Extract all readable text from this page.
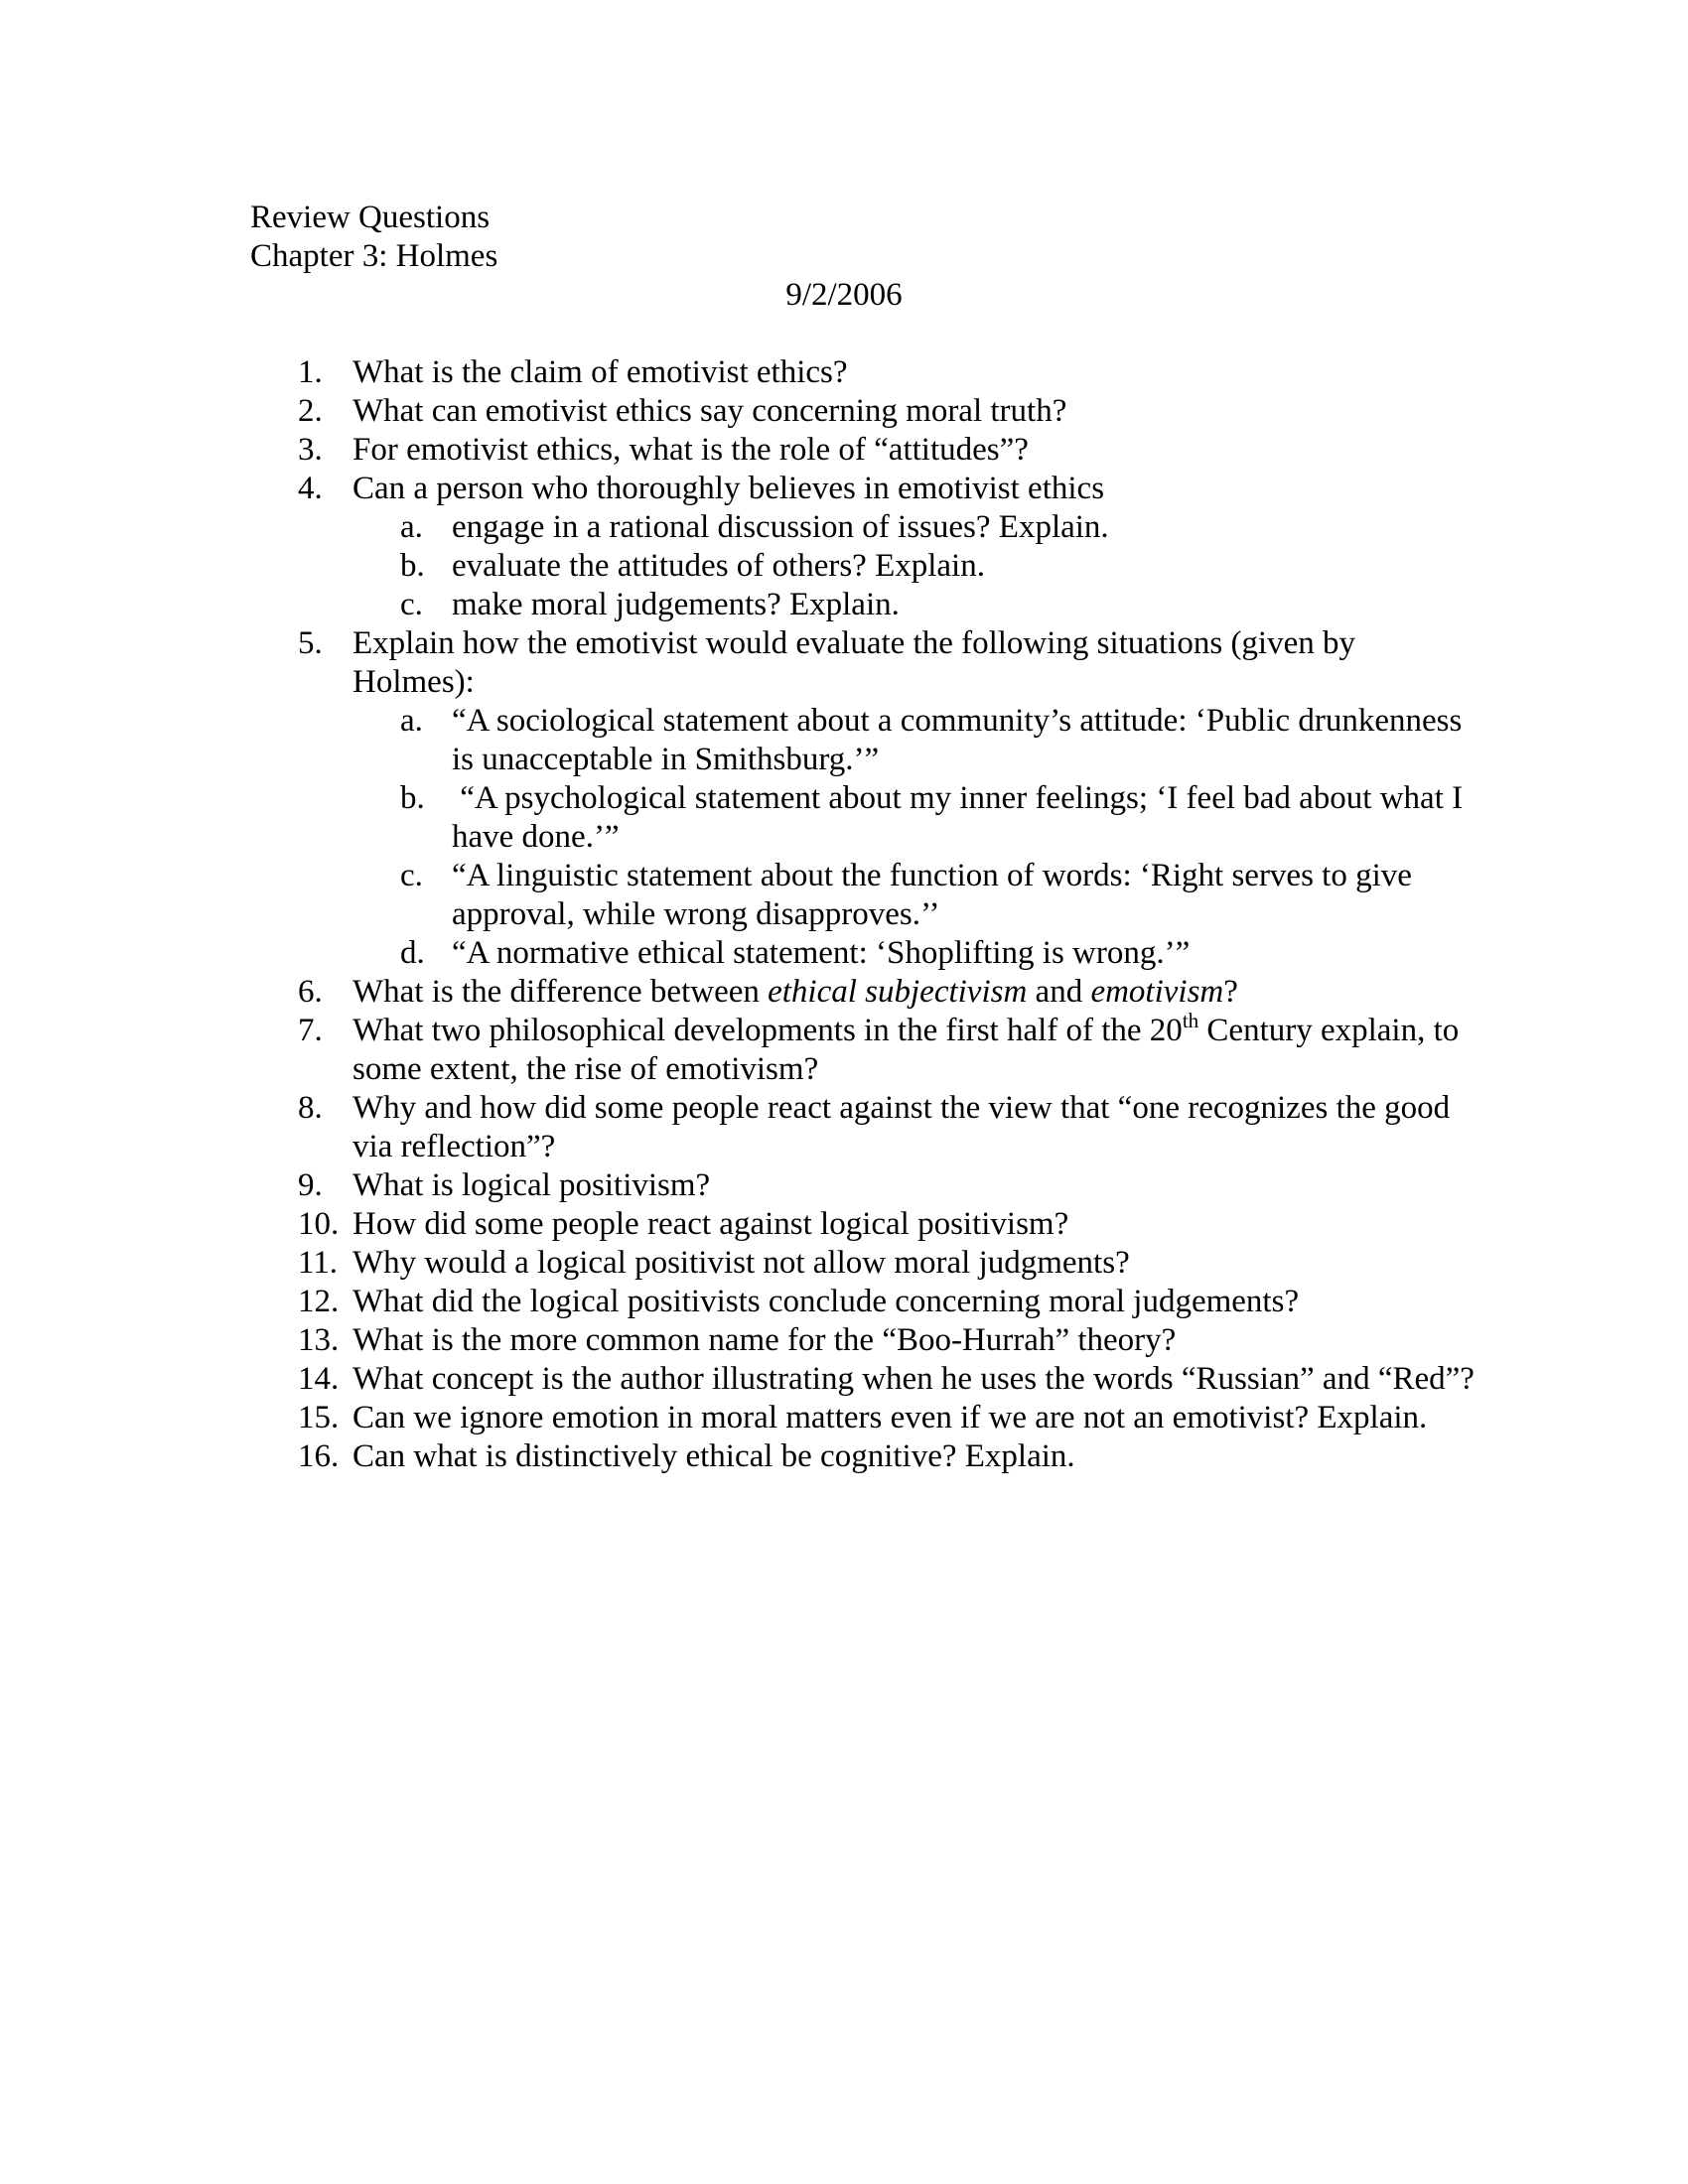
Review Questions
Chapter 3: Holmes
9/2/2006
1. What is the claim of emotivist ethics?
2. What can emotivist ethics say concerning moral truth?
3. For emotivist ethics, what is the role of “attitudes”?
4. Can a person who thoroughly believes in emotivist ethics
a. engage in a rational discussion of issues? Explain.
b. evaluate the attitudes of others? Explain.
c. make moral judgements? Explain.
5. Explain how the emotivist would evaluate the following situations (given by Holmes):
a. “A sociological statement about a community’s attitude: ‘Public drunkenness is unacceptable in Smithsburg.’”
b. “A psychological statement about my inner feelings; ‘I feel bad about what I have done.’”
c. “A linguistic statement about the function of words: ‘Right serves to give approval, while wrong disapproves.’’
d. “A normative ethical statement: ‘Shoplifting is wrong.’”
6. What is the difference between ethical subjectivism and emotivism?
7. What two philosophical developments in the first half of the 20th Century explain, to some extent, the rise of emotivism?
8. Why and how did some people react against the view that “one recognizes the good via reflection”?
9. What is logical positivism?
10. How did some people react against logical positivism?
11. Why would a logical positivist not allow moral judgments?
12. What did the logical positivists conclude concerning moral judgements?
13. What is the more common name for the “Boo-Hurrah” theory?
14. What concept is the author illustrating when he uses the words “Russian” and “Red”?
15. Can we ignore emotion in moral matters even if we are not an emotivist? Explain.
16. Can what is distinctively ethical be cognitive? Explain.
